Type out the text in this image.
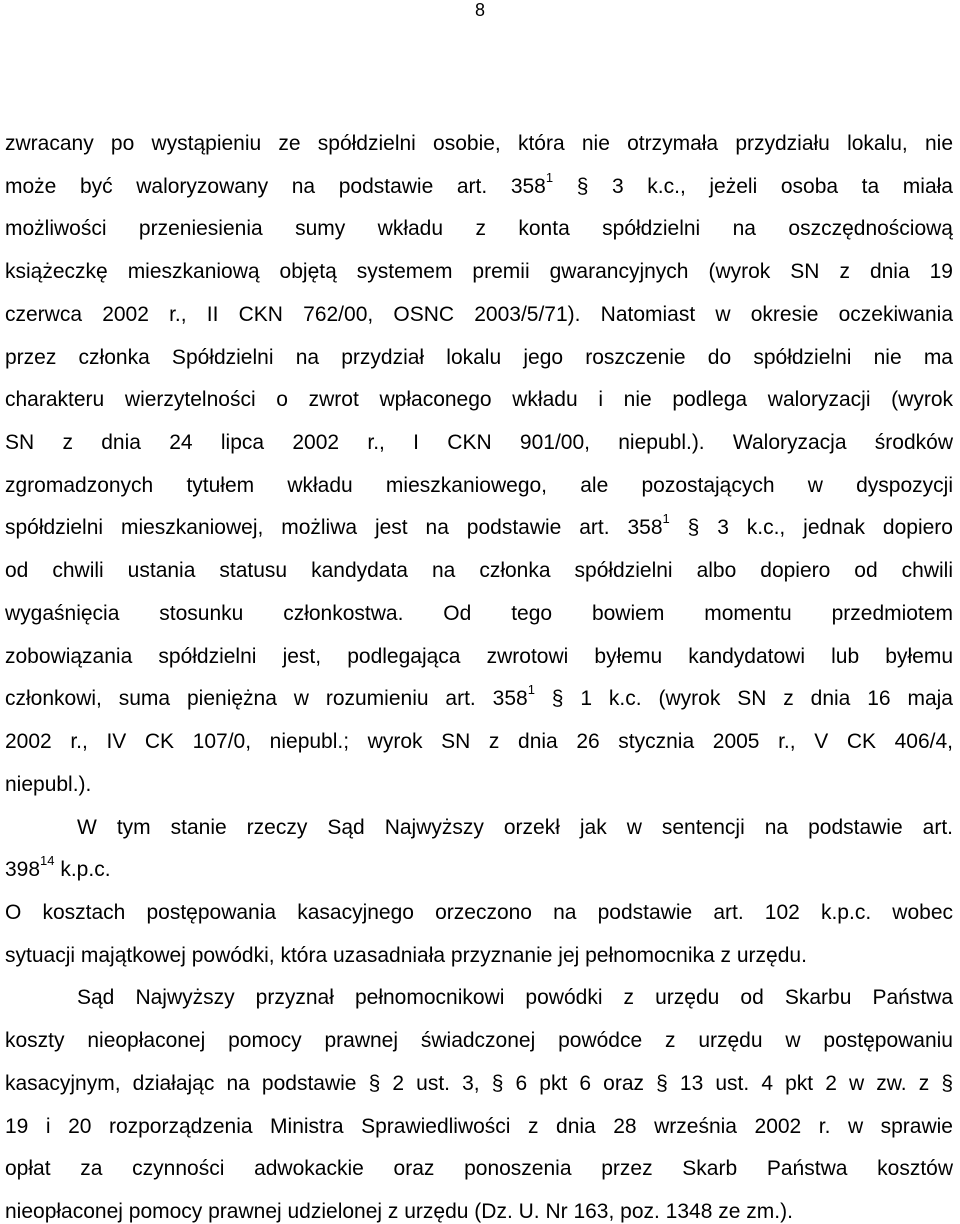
8
zwracany po wystąpieniu ze spółdzielni osobie, która nie otrzymała przydziału lokalu, nie
może być waloryzowany na podstawie art. $358^1$ § 3 k.c., jeżeli osoba ta miała
możliwości przeniesienia sumy wkładu z konta spółdzielni na oszczędnościową
książeczkę mieszkaniową objętą systemem premii gwarancyjnych (wyrok SN z dnia 19
czerwca 2002 r., II CKN 762/00, OSNC 2003/5/71). Natomiast w okresie oczekiwania
przez członka Spółdzielni na przydział lokalu jego roszczenie do spółdzielni nie ma
charakteru wierzytelności o zwrot wpłaconego wkładu i nie podlega waloryzacji (wyrok
SN z dnia 24 lipca 2002 r., I CKN 901/00, niepubl.). Waloryzacja środków
zgromadzonych tytułem wkładu mieszkaniowego, ale pozostających w dyspozycji
spółdzielni mieszkaniowej, możliwa jest na podstawie art. $358^1$ § 3 k.c., jednak dopiero
od chwili ustania statusu kandydata na członka spółdzielni albo dopiero od chwili
wygaśnięcia stosunku członkostwa. Od tego bowiem momentu przedmiotem
zobowiązania spółdzielni jest, podlegająca zwrotowi byłemu kandydatowi lub byłemu
członkowi, suma pieniężna w rozumieniu art. $358^1$ § 1 k.c. (wyrok SN z dnia 16 maja
2002 r., IV CK 107/0, niepubl.; wyrok SN z dnia 26 stycznia 2005 r., V CK 406/4,
niepubl.).
W tym stanie rzeczy Sąd Najwyższy orzekł jak w sentencji na podstawie art.
$398^{14}$ k.p.c.
O kosztach postępowania kasacyjnego orzeczono na podstawie art. 102 k.p.c. wobec
sytuacji majątkowej powódki, która uzasadniała przyznanie jej pełnomocnika z urzędu.
Sąd Najwyższy przyznał pełnomocnikowi powódki z urzędu od Skarbu Państwa
koszty nieopłaconej pomocy prawnej świadczonej powódce z urzędu w postępowaniu
kasacyjnym, działając na podstawie § 2 ust. 3, § 6 pkt 6 oraz § 13 ust. 4 pkt 2 w zw. z §
19 i 20 rozporządzenia Ministra Sprawiedliwości z dnia 28 września 2002 r. w sprawie
opłat za czynności adwokackie oraz ponoszenia przez Skarb Państwa kosztów
nieopłaconej pomocy prawnej udzielonej z urzędu (Dz. U. Nr 163, poz. 1348 ze zm.).
